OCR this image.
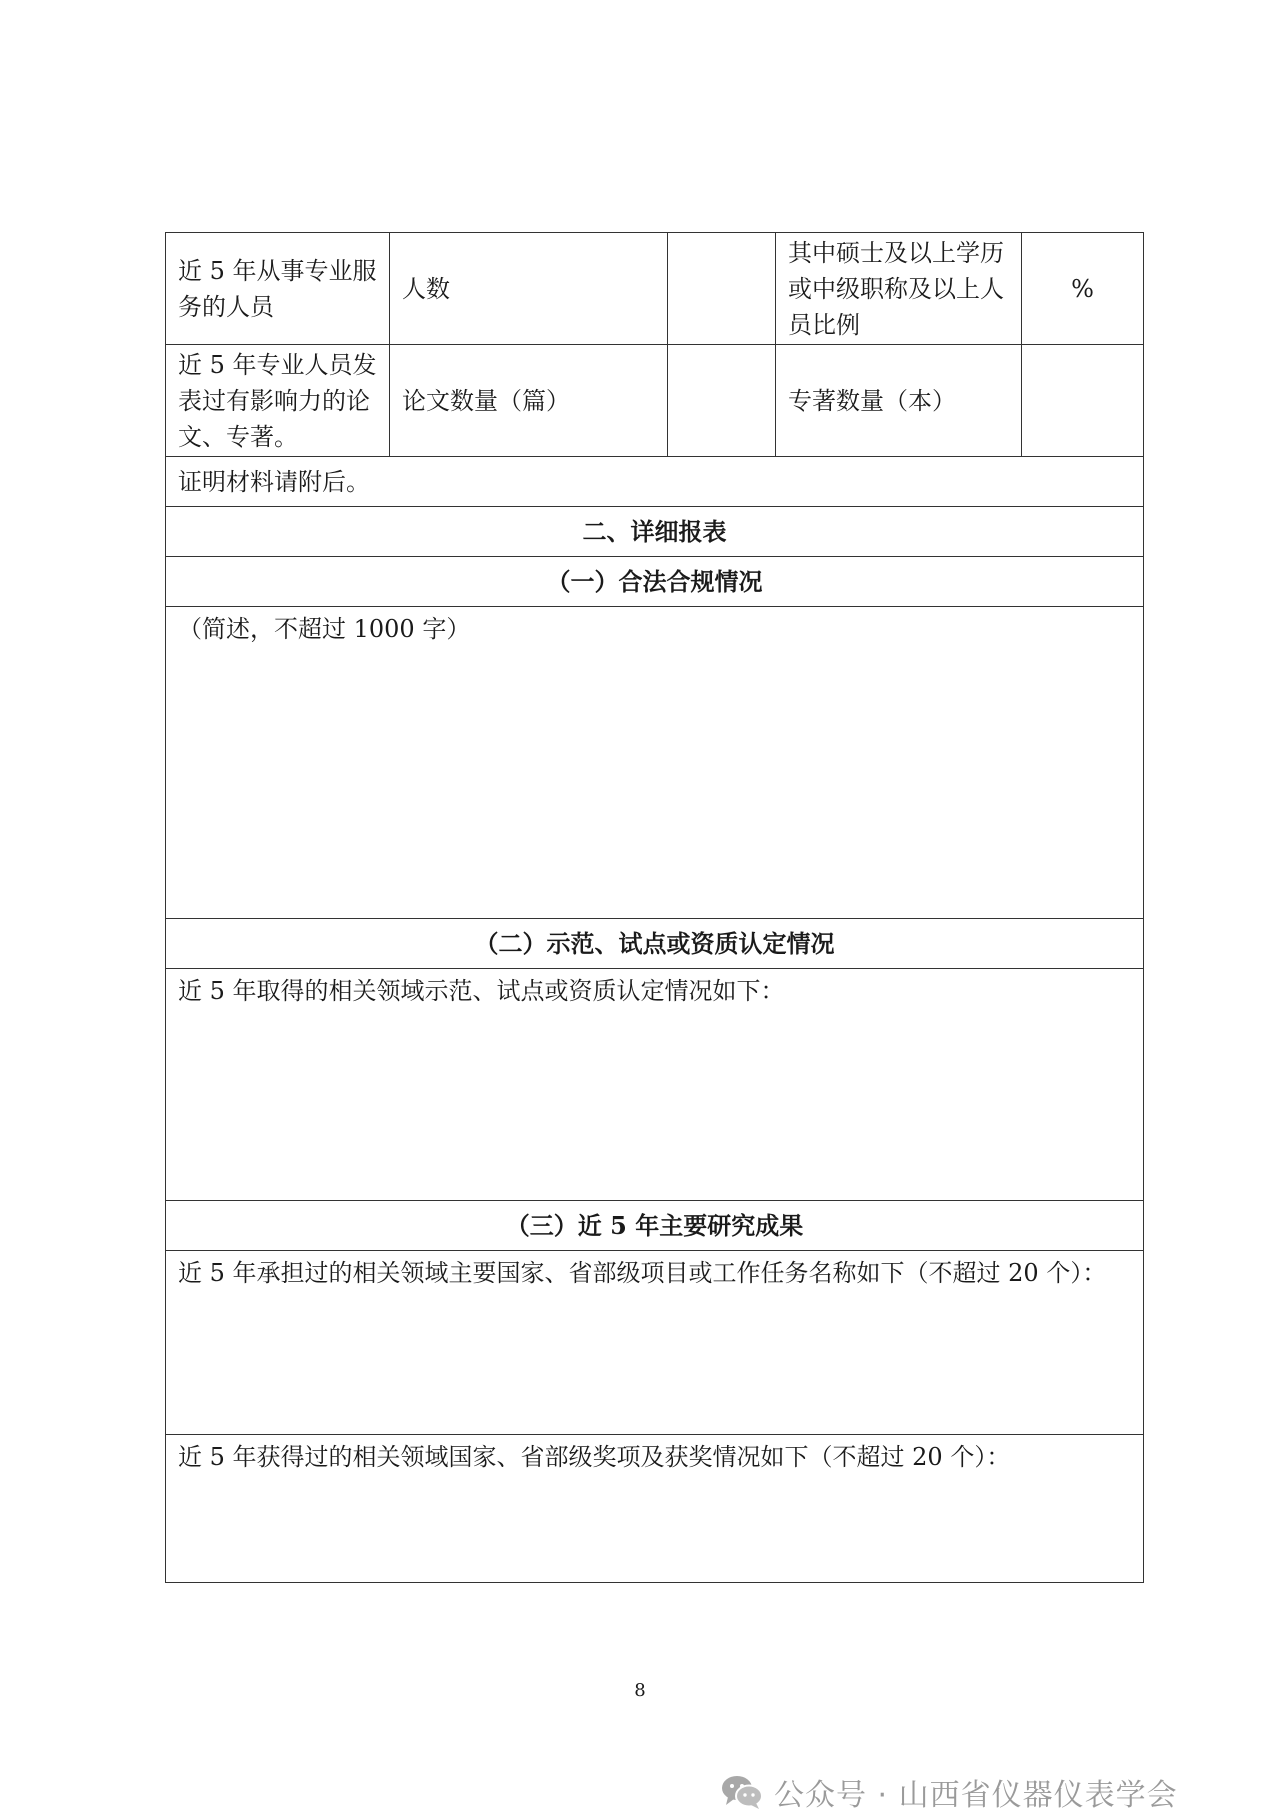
近 5 年从事专业服务的人员	人数		其中硕士及以上学历或中级职称及以上人员比例	%
近 5 年专业人员发表过有影响力的论文、专著。	论文数量（篇）		专著数量（本）	
证明材料请附后。				
二、详细报表				
（一）合法合规情况				
（简述，不超过 1000 字）				
（二）示范、试点或资质认定情况				
近 5 年取得的相关领域示范、试点或资质认定情况如下：				
（三）近 5 年主要研究成果				
近 5 年承担过的相关领域主要国家、省部级项目或工作任务名称如下（不超过 20 个）：				
近 5 年获得过的相关领域国家、省部级奖项及获奖情况如下（不超过 20 个）：				
8
公众号 · 山西省仪器仪表学会
